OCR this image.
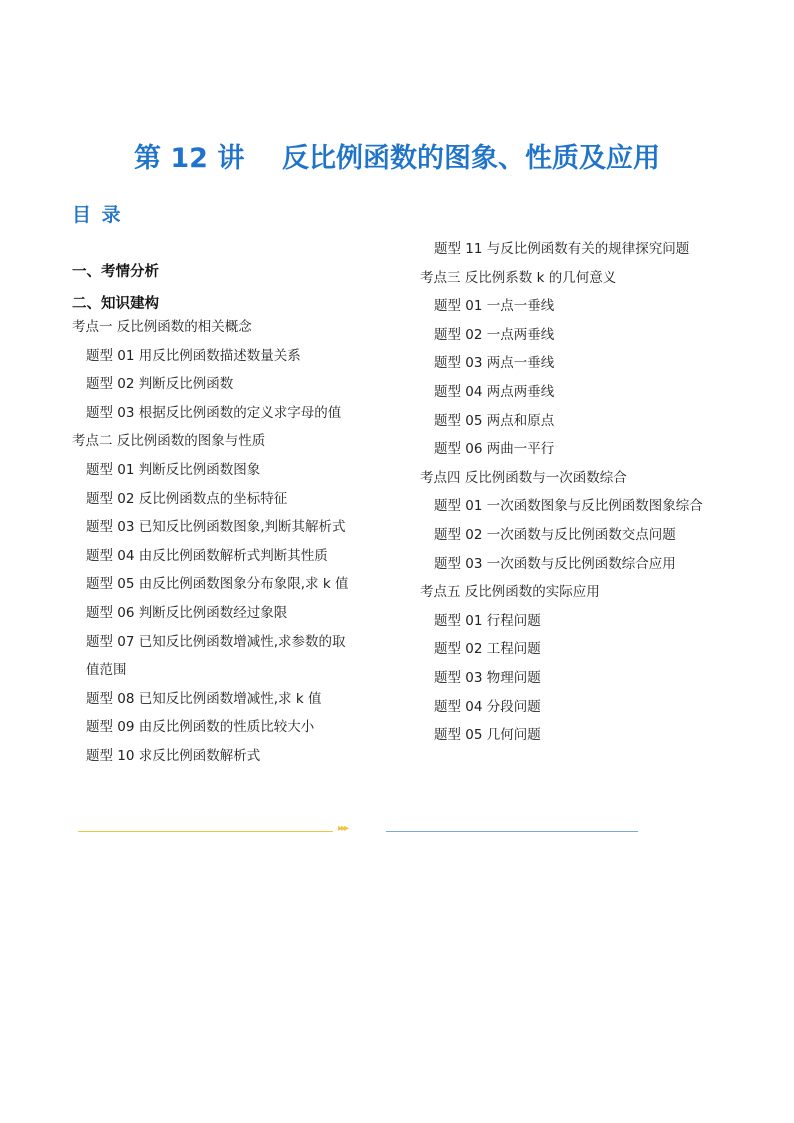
第 12 讲    反比例函数的图象、性质及应用
目 录
一、考情分析
二、知识建构
考点一 反比例函数的相关概念
题型 01 用反比例函数描述数量关系
题型 02 判断反比例函数
题型 03 根据反比例函数的定义求字母的值
考点二 反比例函数的图象与性质
题型 01 判断反比例函数图象
题型 02 反比例函数点的坐标特征
题型 03 已知反比例函数图象,判断其解析式
题型 04 由反比例函数解析式判断其性质
题型 05 由反比例函数图象分布象限,求 k 值
题型 06 判断反比例函数经过象限
题型 07 已知反比例函数增减性,求参数的取
值范围
题型 08 已知反比例函数增减性,求 k 值
题型 09 由反比例函数的性质比较大小
题型 10 求反比例函数解析式
题型 11 与反比例函数有关的规律探究问题
考点三 反比例系数 k 的几何意义
题型 01 一点一垂线
题型 02 一点两垂线
题型 03 两点一垂线
题型 04 两点两垂线
题型 05 两点和原点
题型 06 两曲一平行
考点四 反比例函数与一次函数综合
题型 01 一次函数图象与反比例函数图象综合
题型 02 一次函数与反比例函数交点问题
题型 03 一次函数与反比例函数综合应用
考点五 反比例函数的实际应用
题型 01 行程问题
题型 02 工程问题
题型 03 物理问题
题型 04 分段问题
题型 05 几何问题
▸▸▸
